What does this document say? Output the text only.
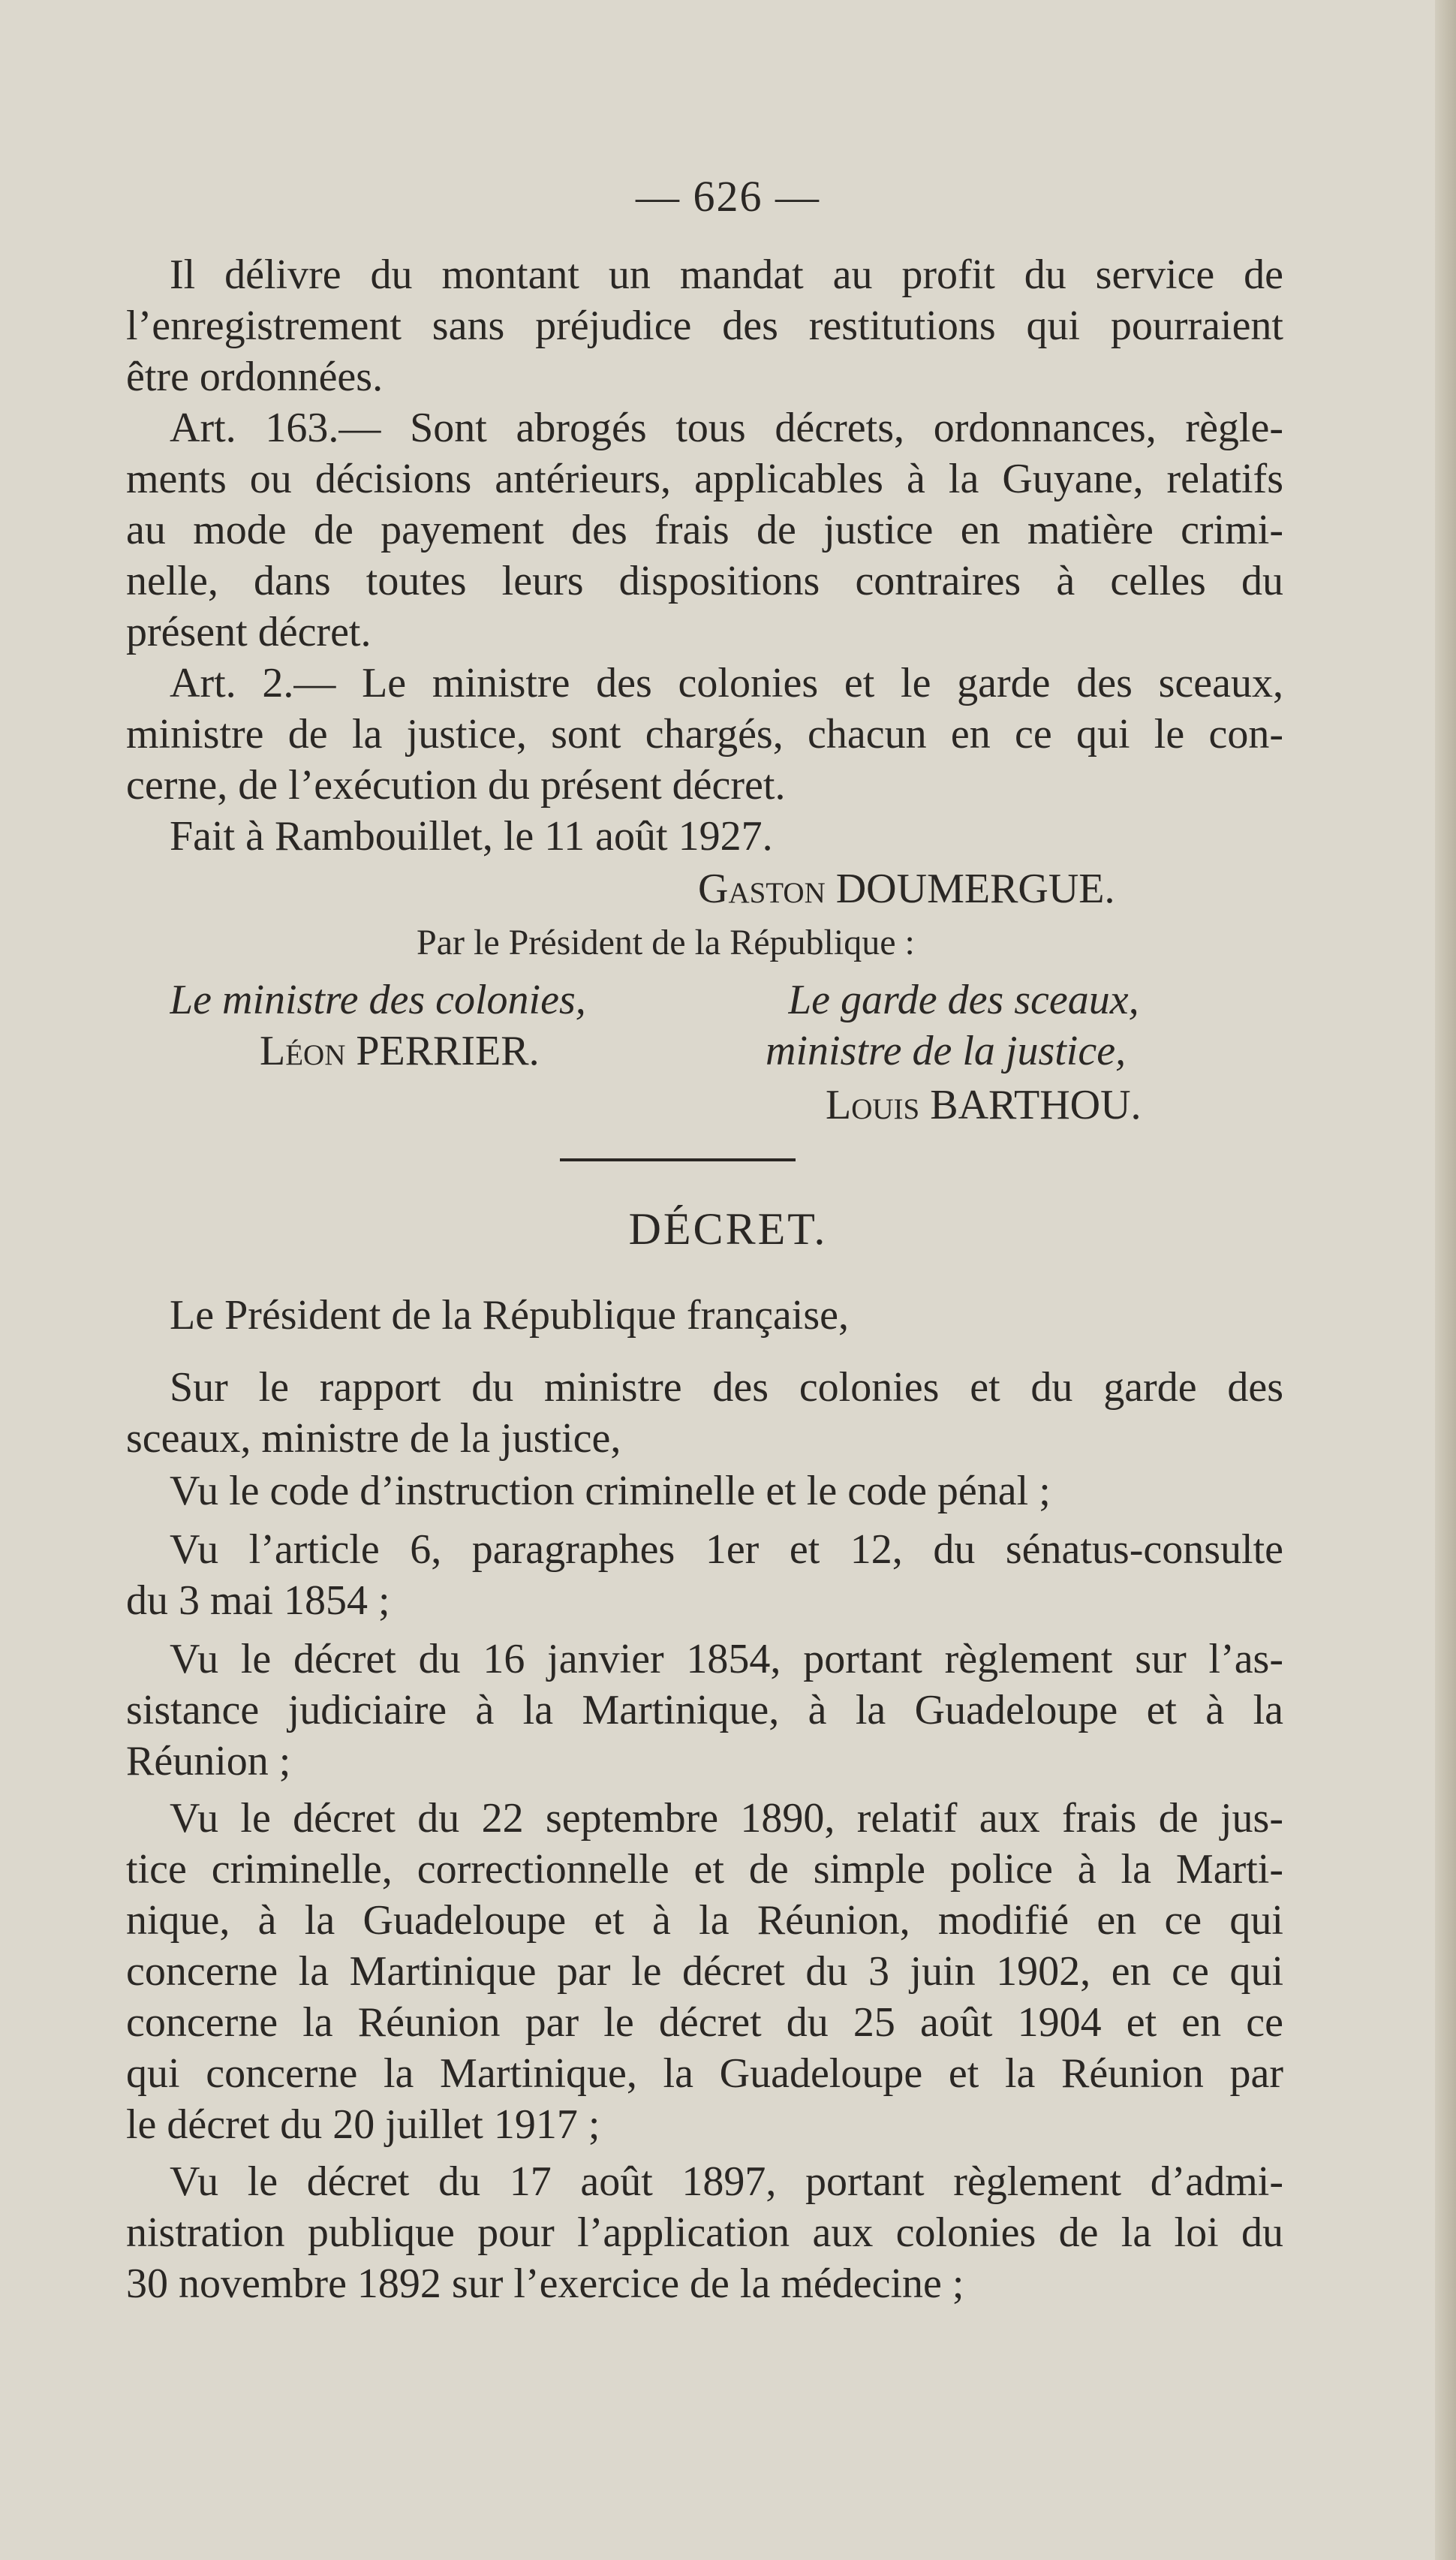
— 626 —
Il délivre du montant un mandat au profit du service de
l’enregistrement sans préjudice des restitutions qui pourraient
être ordonnées.
Art. 163.— Sont abrogés tous décrets, ordonnances, règle-
ments ou décisions antérieurs, applicables à la Guyane, relatifs
au mode de payement des frais de justice en matière crimi-
nelle, dans toutes leurs dispositions contraires à celles du
présent décret.
Art. 2.— Le ministre des colonies et le garde des sceaux,
ministre de la justice, sont chargés, chacun en ce qui le con-
cerne, de l’exécution du présent décret.
Fait à Rambouillet, le 11 août 1927.
Gaston DOUMERGUE.
Par le Président de la République :
Le ministre des colonies,
Léon PERRIER.
Le garde des sceaux,
ministre de la justice,
Louis BARTHOU.
DÉCRET.
Le Président de la République française,
Sur le rapport du ministre des colonies et du garde des
sceaux, ministre de la justice,
Vu le code d’instruction criminelle et le code pénal ;
Vu l’article 6, paragraphes 1er et 12, du sénatus-consulte
du 3 mai 1854 ;
Vu le décret du 16 janvier 1854, portant règlement sur l’as-
sistance judiciaire à la Martinique, à la Guadeloupe et à la
Réunion ;
Vu le décret du 22 septembre 1890, relatif aux frais de jus-
tice criminelle, correctionnelle et de simple police à la Marti-
nique, à la Guadeloupe et à la Réunion, modifié en ce qui
concerne la Martinique par le décret du 3 juin 1902, en ce qui
concerne la Réunion par le décret du 25 août 1904 et en ce
qui concerne la Martinique, la Guadeloupe et la Réunion par
le décret du 20 juillet 1917 ;
Vu le décret du 17 août 1897, portant règlement d’admi-
nistration publique pour l’application aux colonies de la loi du
30 novembre 1892 sur l’exercice de la médecine ;
